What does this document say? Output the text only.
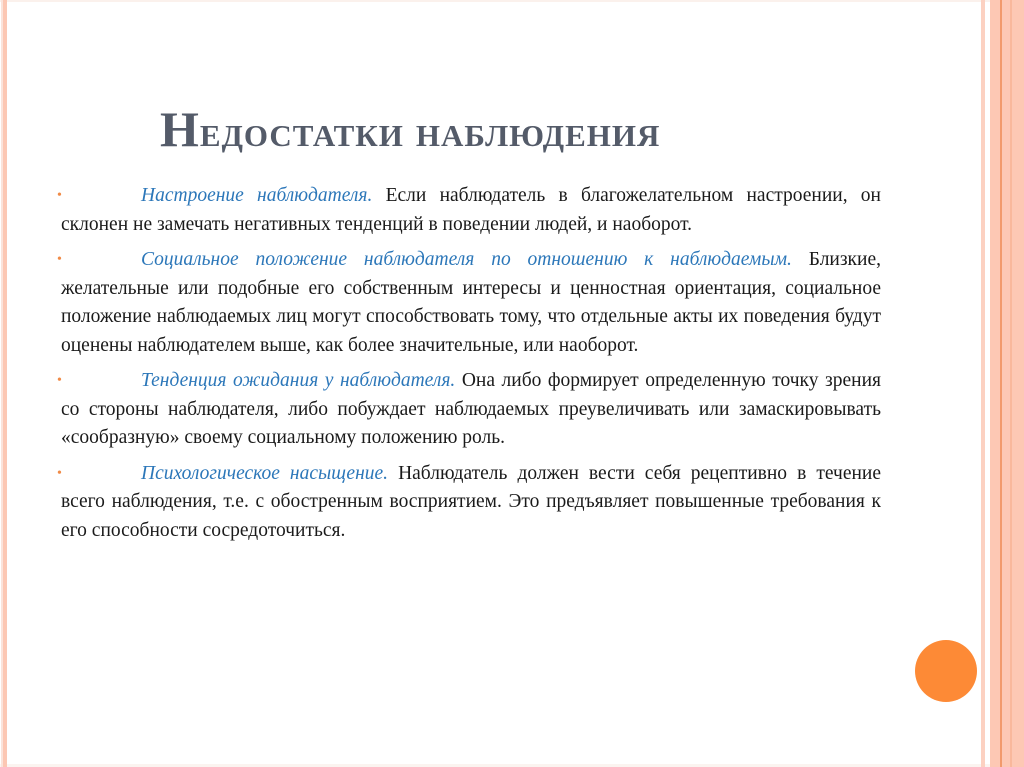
Недостатки наблюдения
•	Настроение наблюдателя. Если наблюдатель в благожелательном настроении, он склонен не замечать негативных тенденций в поведении людей, и наоборот.
•	Социальное положение наблюдателя по отношению к наблюдаемым. Близкие, желательные или подобные его собственным интересы и ценностная ориентация, социальное положение наблюдаемых лиц могут способствовать тому, что отдельные акты их поведения будут оценены наблюдателем выше, как более значительные, или наоборот.
•	Тенденция ожидания у наблюдателя. Она либо формирует определенную точку зрения со стороны наблюдателя, либо побуждает наблюдаемых преувеличивать или замаскировывать «сообразную» своему социальному положению роль.
•	Психологическое насыщение. Наблюдатель должен вести себя рецептивно в течение всего наблюдения, т.е. с обостренным восприятием. Это предъявляет повышенные требования к его способности сосредоточиться.
